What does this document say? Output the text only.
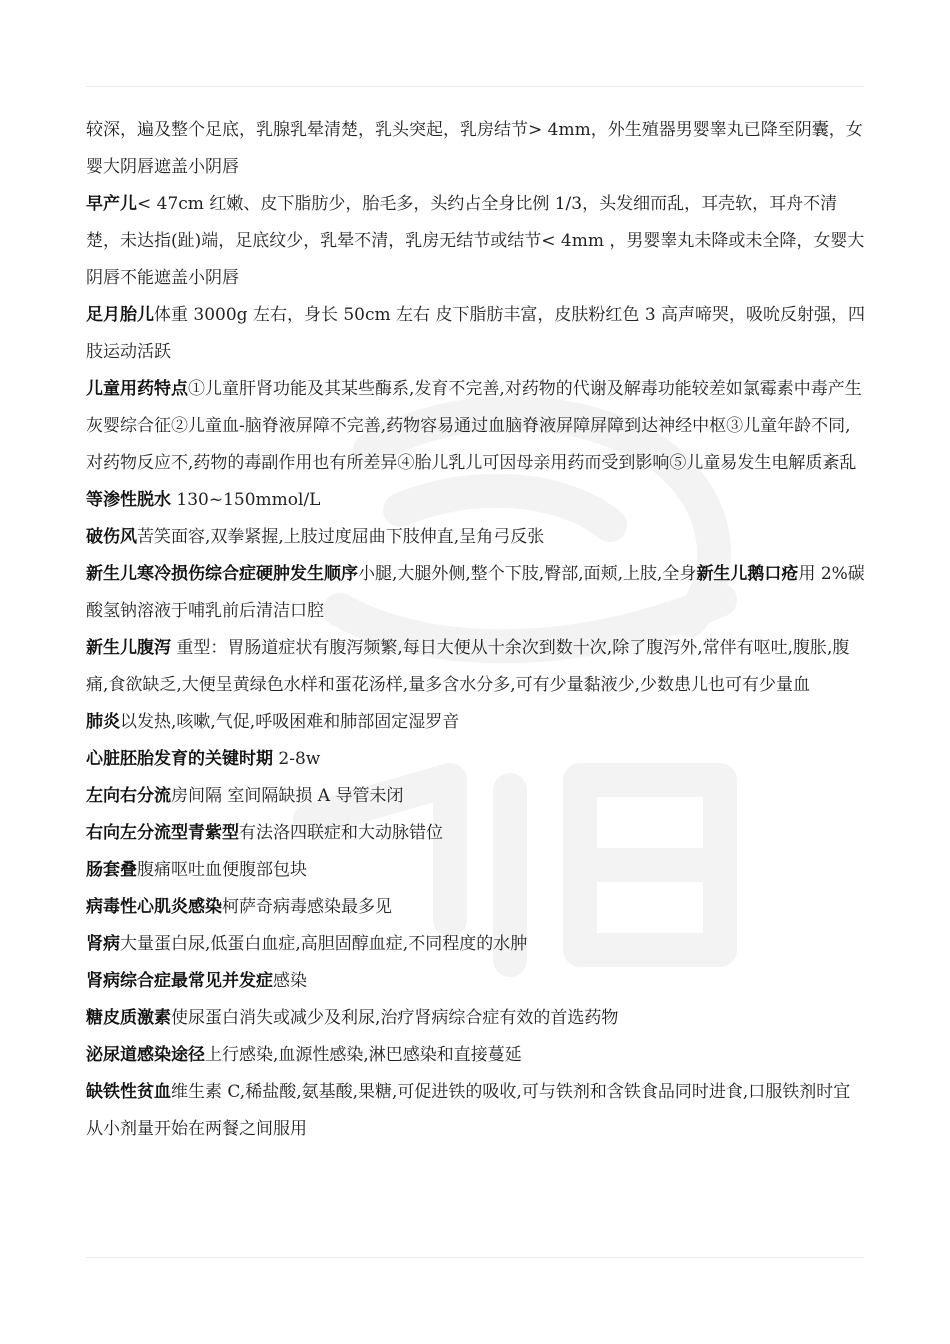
较深，遍及整个足底，乳腺乳晕清楚，乳头突起，乳房结节> 4mm，外生殖器男婴睾丸已降至阴囊，女婴大阴唇遮盖小阴唇

早产儿< 47cm 红嫩、皮下脂肪少，胎毛多，头约占全身比例 1/3，头发细而乱，耳壳软，耳舟不清楚，未达指(趾)端，足底纹少，乳晕不清，乳房无结节或结节< 4mm ，男婴睾丸未降或未全降，女婴大阴唇不能遮盖小阴唇

足月胎儿体重 3000g 左右，身长 50cm 左右 皮下脂肪丰富，皮肤粉红色 3 高声啼哭，吸吮反射强，四肢运动活跃

儿童用药特点①儿童肝肾功能及其某些酶系,发育不完善,对药物的代谢及解毒功能较差如氯霉素中毒产生灰婴综合征②儿童血-脑脊液屏障不完善,药物容易通过血脑脊液屏障屏障到达神经中枢③儿童年龄不同,对药物反应不,药物的毒副作用也有所差异④胎儿乳儿可因母亲用药而受到影响⑤儿童易发生电解质紊乱

等渗性脱水 130~150mmol/L

破伤风苦笑面容,双拳紧握,上肢过度屈曲下肢伸直,呈角弓反张

新生儿寒冷损伤综合症硬肿发生顺序小腿,大腿外侧,整个下肢,臀部,面颊,上肢,全身新生儿鹅口疮用 2%碳酸氢钠溶液于哺乳前后清洁口腔

新生儿腹泻 重型：胃肠道症状有腹泻频繁,每日大便从十余次到数十次,除了腹泻外,常伴有呕吐,腹胀,腹痛,食欲缺乏,大便呈黄绿色水样和蛋花汤样,量多含水分多,可有少量黏液少,少数患儿也可有少量血

肺炎以发热,咳嗽,气促,呼吸困难和肺部固定湿罗音

心脏胚胎发育的关键时期 2-8w

左向右分流房间隔 室间隔缺损 A 导管未闭

右向左分流型青紫型有法洛四联症和大动脉错位

肠套叠腹痛呕吐血便腹部包块

病毒性心肌炎感染柯萨奇病毒感染最多见

肾病大量蛋白尿,低蛋白血症,高胆固醇血症,不同程度的水肿

肾病综合症最常见并发症感染

糖皮质激素使尿蛋白消失或减少及利尿,治疗肾病综合症有效的首选药物

泌尿道感染途径上行感染,血源性感染,淋巴感染和直接蔓延

缺铁性贫血维生素 C,稀盐酸,氨基酸,果糖,可促进铁的吸收,可与铁剂和含铁食品同时进食,口服铁剂时宜从小剂量开始在两餐之间服用
